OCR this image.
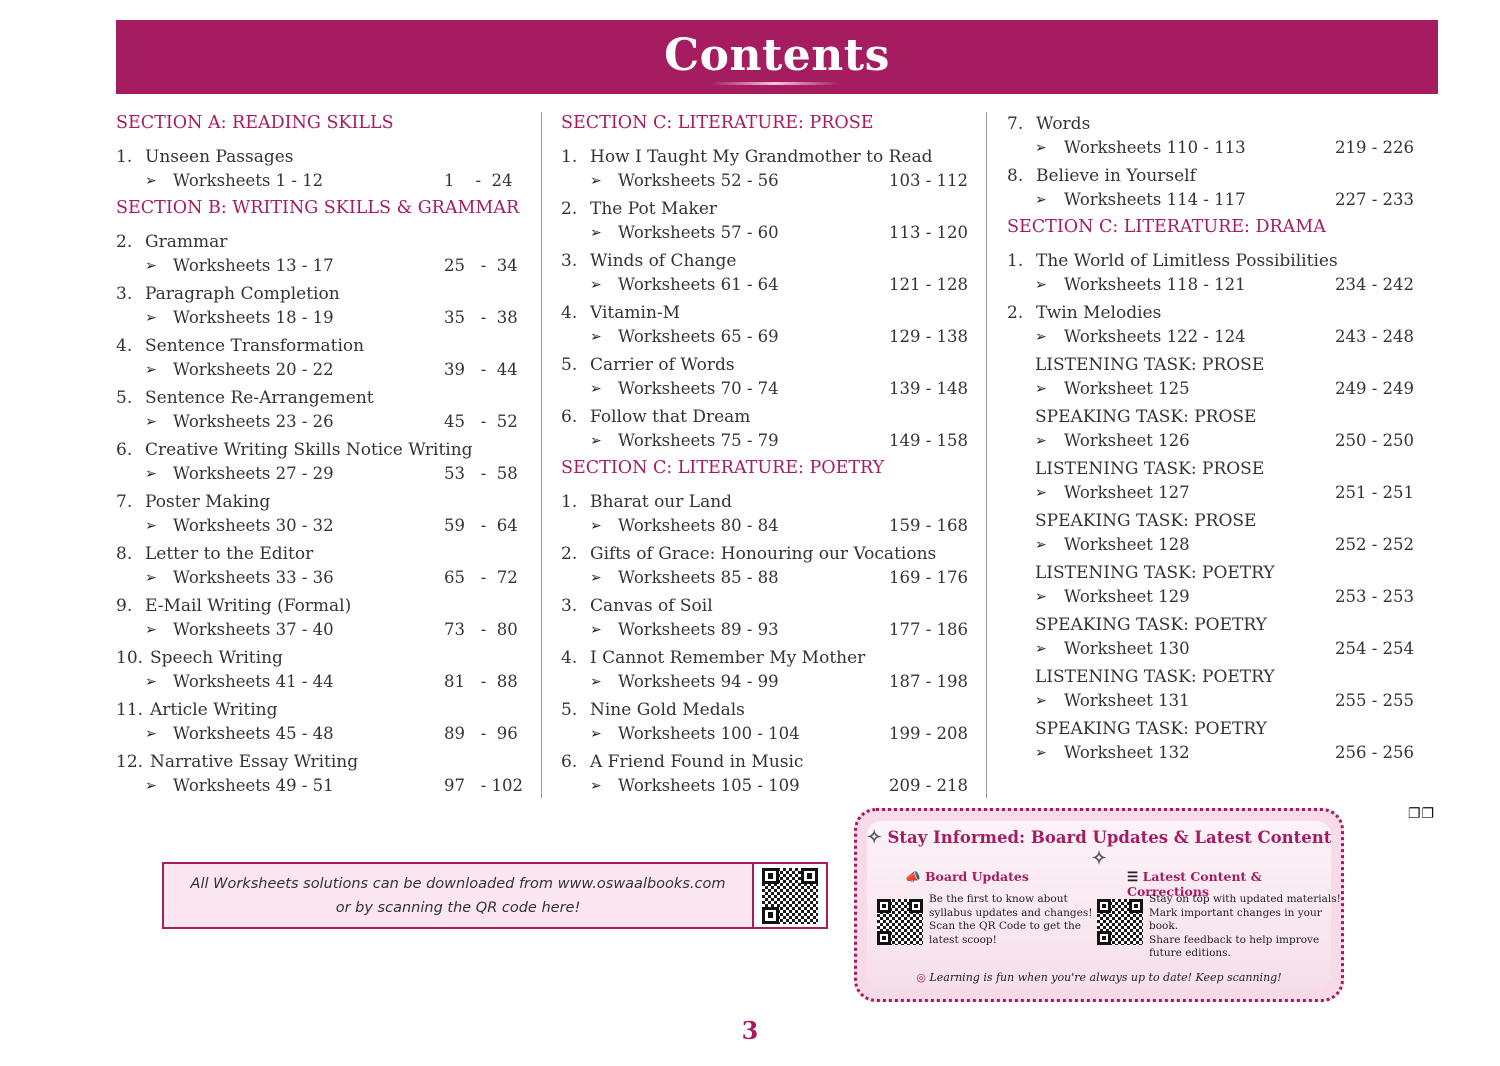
Contents
SECTION A: READING SKILLS
1. Unseen Passages
➢ Worksheets 1 - 12	1    -  24
SECTION B: WRITING SKILLS & GRAMMAR
2. Grammar
➢ Worksheets 13 - 17	25   -  34
3. Paragraph Completion
➢ Worksheets 18 - 19	35   -  38
4. Sentence Transformation
➢ Worksheets 20 - 22	39   -  44
5. Sentence Re-Arrangement
➢ Worksheets 23 - 26	45   -  52
6. Creative Writing Skills Notice Writing
➢ Worksheets 27 - 29	53   -  58
7. Poster Making
➢ Worksheets 30 - 32	59   -  64
8. Letter to the Editor
➢ Worksheets 33 - 36	65   -  72
9. E-Mail Writing (Formal)
➢ Worksheets 37 - 40	73   -  80
10. Speech Writing
➢ Worksheets 41 - 44	81   -  88
11. Article Writing
➢ Worksheets 45 - 48	89   -  96
12. Narrative Essay Writing
➢ Worksheets 49 - 51	97   - 102
SECTION C: LITERATURE: PROSE
1. How I Taught My Grandmother to Read
➢ Worksheets 52 - 56	103 - 112
2. The Pot Maker
➢ Worksheets 57 - 60	113 - 120
3. Winds of Change
➢ Worksheets 61 - 64	121 - 128
4. Vitamin-M
➢ Worksheets 65 - 69	129 - 138
5. Carrier of Words
➢ Worksheets 70 - 74	139 - 148
6. Follow that Dream
➢ Worksheets 75 - 79	149 - 158
SECTION C: LITERATURE: POETRY
1. Bharat our Land
➢ Worksheets 80 - 84	159 - 168
2. Gifts of Grace: Honouring our Vocations
➢ Worksheets 85 - 88	169 - 176
3. Canvas of Soil
➢ Worksheets 89 - 93	177 - 186
4. I Cannot Remember My Mother
➢ Worksheets 94 - 99	187 - 198
5. Nine Gold Medals
➢ Worksheets 100 - 104	199 - 208
6. A Friend Found in Music
➢ Worksheets 105 - 109	209 - 218
7. Words
➢ Worksheets 110 - 113	219 - 226
8. Believe in Yourself
➢ Worksheets 114 - 117	227 - 233
SECTION C: LITERATURE: DRAMA
1. The World of Limitless Possibilities
➢ Worksheets 118 - 121	234 - 242
2. Twin Melodies
➢ Worksheets 122 - 124	243 - 248
LISTENING TASK: PROSE
➢ Worksheet 125	249 - 249
SPEAKING TASK: PROSE
➢ Worksheet 126	250 - 250
LISTENING TASK: PROSE
➢ Worksheet 127	251 - 251
SPEAKING TASK: PROSE
➢ Worksheet 128	252 - 252
LISTENING TASK: POETRY
➢ Worksheet 129	253 - 253
SPEAKING TASK: POETRY
➢ Worksheet 130	254 - 254
LISTENING TASK: POETRY
➢ Worksheet 131	255 - 255
SPEAKING TASK: POETRY
➢ Worksheet 132	256 - 256
All Worksheets solutions can be downloaded from www.oswaalbooks.com
or by scanning the QR code here!
✧ Stay Informed: Board Updates & Latest Content ✧
📣 Board Updates
Be the first to know about
syllabus updates and changes!
Scan the QR Code to get the
latest scoop!
☰ Latest Content & Corrections
Stay on top with updated materials!
Mark important changes in your book.
Share feedback to help improve
future editions.
◎ Learning is fun when you're always up to date! Keep scanning!
❐❐
3
